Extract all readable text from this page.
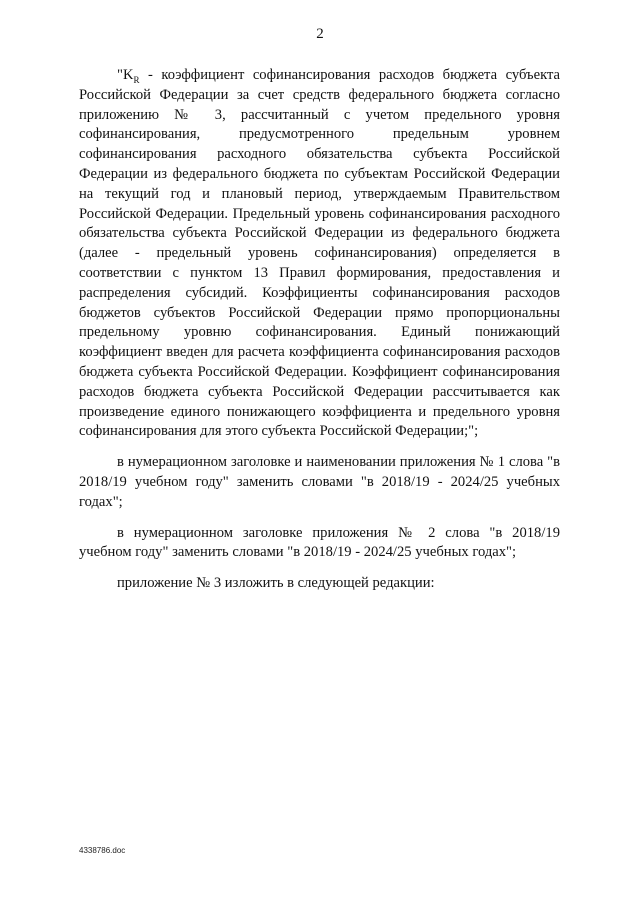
2

"$K_R$ - коэффициент софинансирования расходов бюджета субъекта Российской Федерации за счет средств федерального бюджета согласно приложению № 3, рассчитанный с учетом предельного уровня софинансирования, предусмотренного предельным уровнем софинансирования расходного обязательства субъекта Российской Федерации из федерального бюджета по субъектам Российской Федерации на текущий год и плановый период, утверждаемым Правительством Российской Федерации. Предельный уровень софинансирования расходного обязательства субъекта Российской Федерации из федерального бюджета (далее - предельный уровень софинансирования) определяется в соответствии с пунктом 13 Правил формирования, предоставления и распределения субсидий. Коэффициенты софинансирования расходов бюджетов субъектов Российской Федерации прямо пропорциональны предельному уровню софинансирования. Единый понижающий коэффициент введен для расчета коэффициента софинансирования расходов бюджета субъекта Российской Федерации. Коэффициент софинансирования расходов бюджета субъекта Российской Федерации рассчитывается как произведение единого понижающего коэффициента и предельного уровня софинансирования для этого субъекта Российской Федерации;";

в нумерационном заголовке и наименовании приложения № 1 слова "в 2018/19 учебном году" заменить словами "в 2018/19 - 2024/25 учебных годах";

в нумерационном заголовке приложения № 2 слова "в 2018/19 учебном году" заменить словами "в 2018/19 - 2024/25 учебных годах";

приложение № 3 изложить в следующей редакции:

4338786.doc
